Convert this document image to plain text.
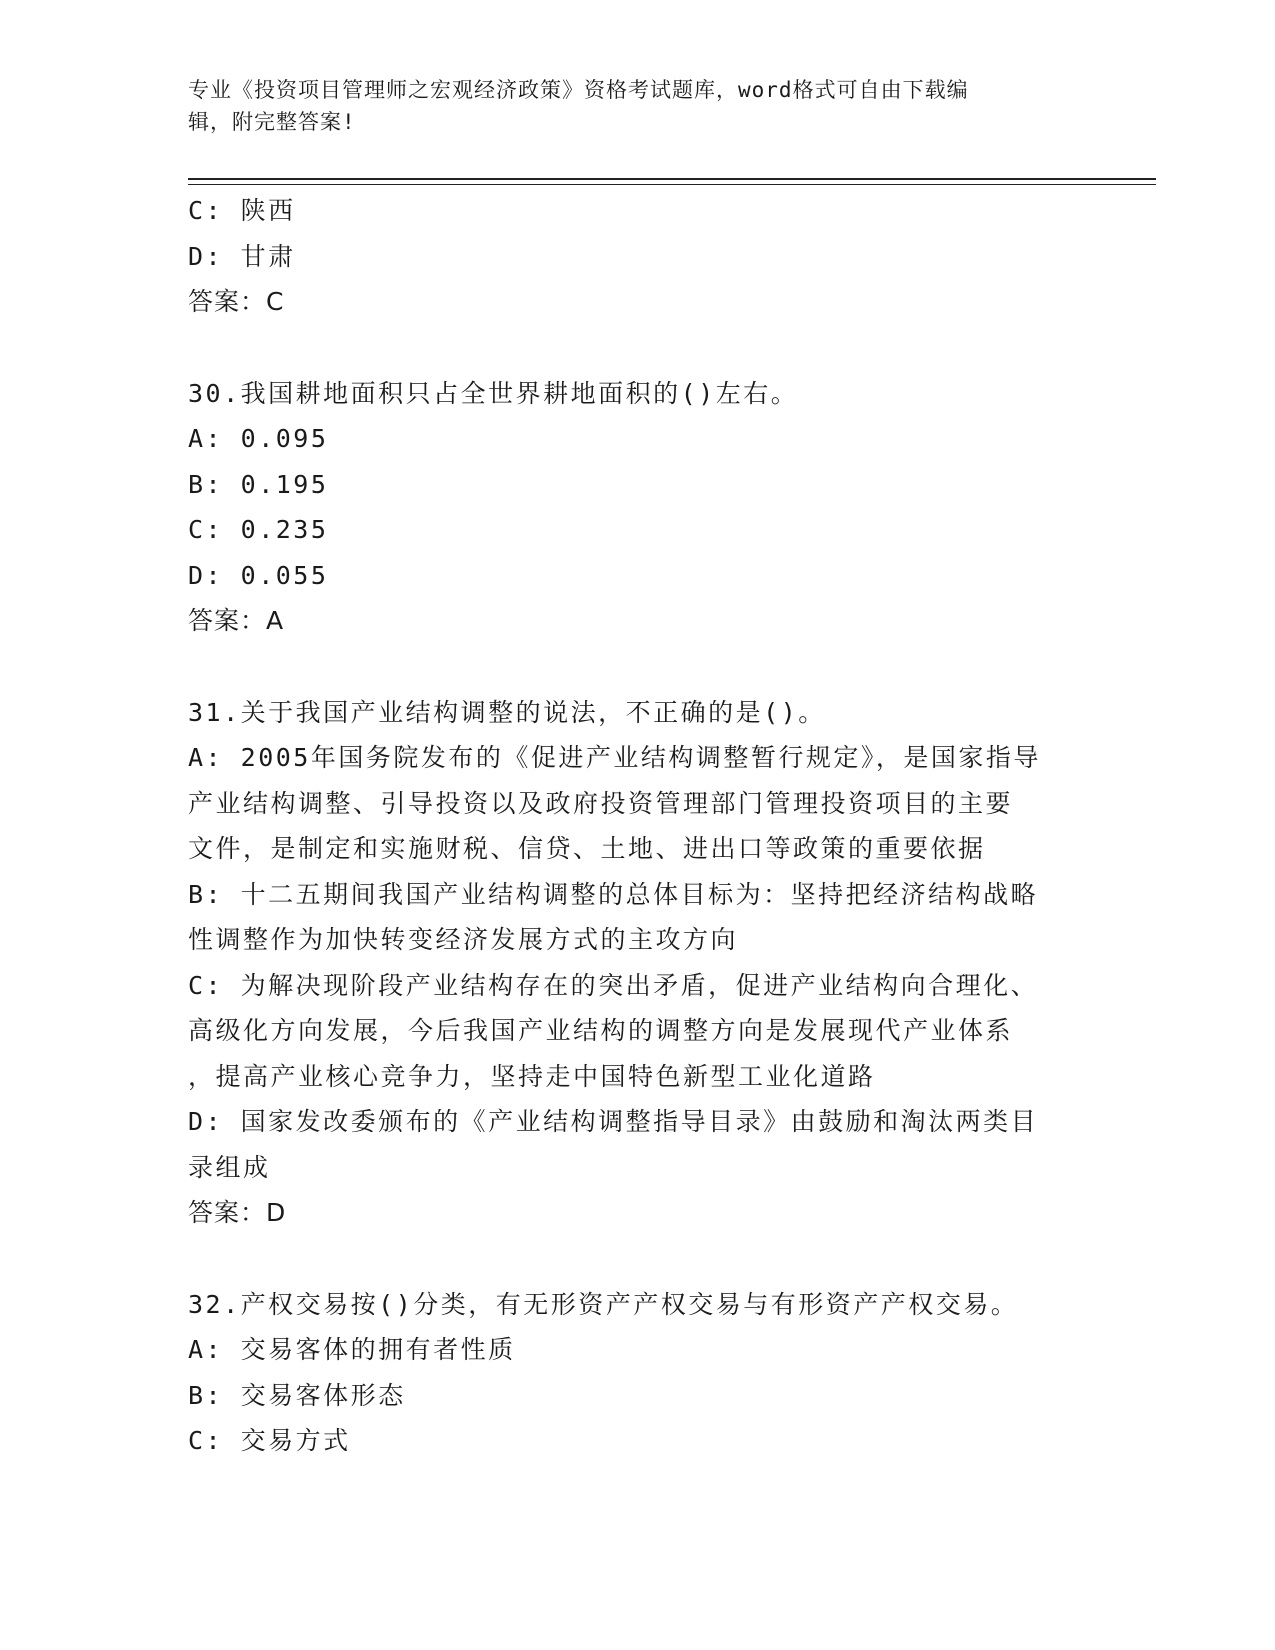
专业《投资项目管理师之宏观经济政策》资格考试题库，word格式可自由下载编
辑，附完整答案!
C: 陕西
D: 甘肃
答案：C
30.我国耕地面积只占全世界耕地面积的()左右。
A: 0.095
B: 0.195
C: 0.235
D: 0.055
答案：A
31.关于我国产业结构调整的说法，不正确的是()。
A: 2005年国务院发布的《促进产业结构调整暂行规定》，是国家指导
产业结构调整、引导投资以及政府投资管理部门管理投资项目的主要
文件，是制定和实施财税、信贷、土地、进出口等政策的重要依据
B: 十二五期间我国产业结构调整的总体目标为：坚持把经济结构战略
性调整作为加快转变经济发展方式的主攻方向
C: 为解决现阶段产业结构存在的突出矛盾，促进产业结构向合理化、
高级化方向发展，今后我国产业结构的调整方向是发展现代产业体系
，提高产业核心竞争力，坚持走中国特色新型工业化道路
D: 国家发改委颁布的《产业结构调整指导目录》由鼓励和淘汰两类目
录组成
答案：D
32.产权交易按()分类，有无形资产产权交易与有形资产产权交易。
A: 交易客体的拥有者性质
B: 交易客体形态
C: 交易方式
